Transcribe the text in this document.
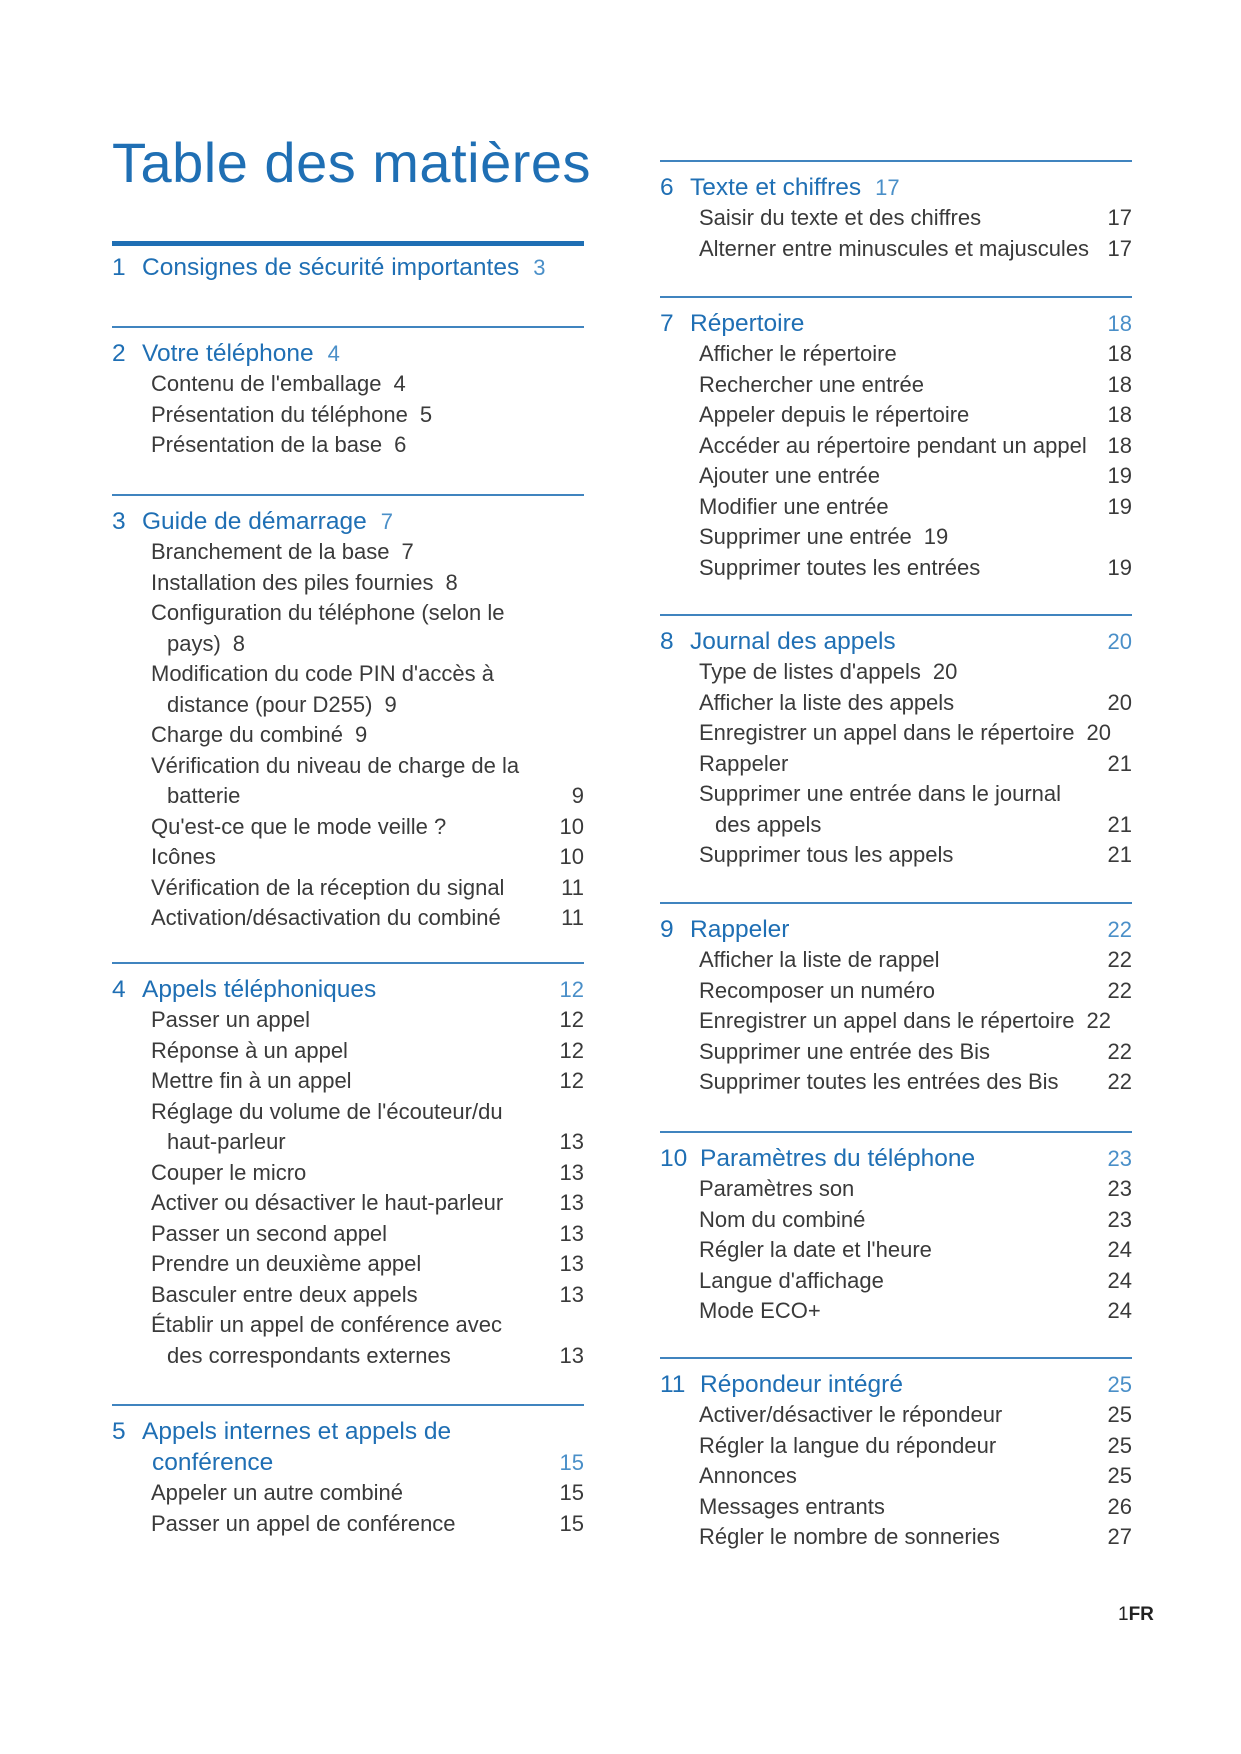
Table des matières
1 Consignes de sécurité importantes 3
2 Votre téléphone 4
Contenu de l'emballage 4
Présentation du téléphone 5
Présentation de la base 6
3 Guide de démarrage 7
Branchement de la base 7
Installation des piles fournies 8
Configuration du téléphone (selon le
pays) 8
Modification du code PIN d'accès à
distance (pour D255) 9
Charge du combiné 9
Vérification du niveau de charge de la
batterie	9
Qu'est-ce que le mode veille ?	10
Icônes	10
Vérification de la réception du signal	11
Activation/désactivation du combiné	11
4 Appels téléphoniques	12
Passer un appel	12
Réponse à un appel	12
Mettre fin à un appel	12
Réglage du volume de l'écouteur/du
haut-parleur	13
Couper le micro	13
Activer ou désactiver le haut-parleur	13
Passer un second appel	13
Prendre un deuxième appel	13
Basculer entre deux appels	13
Établir un appel de conférence avec
des correspondants externes	13
5 Appels internes et appels de
conférence	15
Appeler un autre combiné	15
Passer un appel de conférence	15
6 Texte et chiffres 17
Saisir du texte et des chiffres	17
Alterner entre minuscules et majuscules 17
7 Répertoire	18
Afficher le répertoire	18
Rechercher une entrée	18
Appeler depuis le répertoire	18
Accéder au répertoire pendant un appel 18
Ajouter une entrée	19
Modifier une entrée	19
Supprimer une entrée 19
Supprimer toutes les entrées	19
8 Journal des appels	20
Type de listes d'appels 20
Afficher la liste des appels	20
Enregistrer un appel dans le répertoire 20
Rappeler	21
Supprimer une entrée dans le journal
des appels	21
Supprimer tous les appels	21
9 Rappeler	22
Afficher la liste de rappel	22
Recomposer un numéro	22
Enregistrer un appel dans le répertoire 22
Supprimer une entrée des Bis	22
Supprimer toutes les entrées des Bis	22
10 Paramètres du téléphone	23
Paramètres son	23
Nom du combiné	23
Régler la date et l'heure	24
Langue d'affichage	24
Mode ECO+	24
11 Répondeur intégré	25
Activer/désactiver le répondeur	25
Régler la langue du répondeur	25
Annonces	25
Messages entrants	26
Régler le nombre de sonneries	27
1FR
